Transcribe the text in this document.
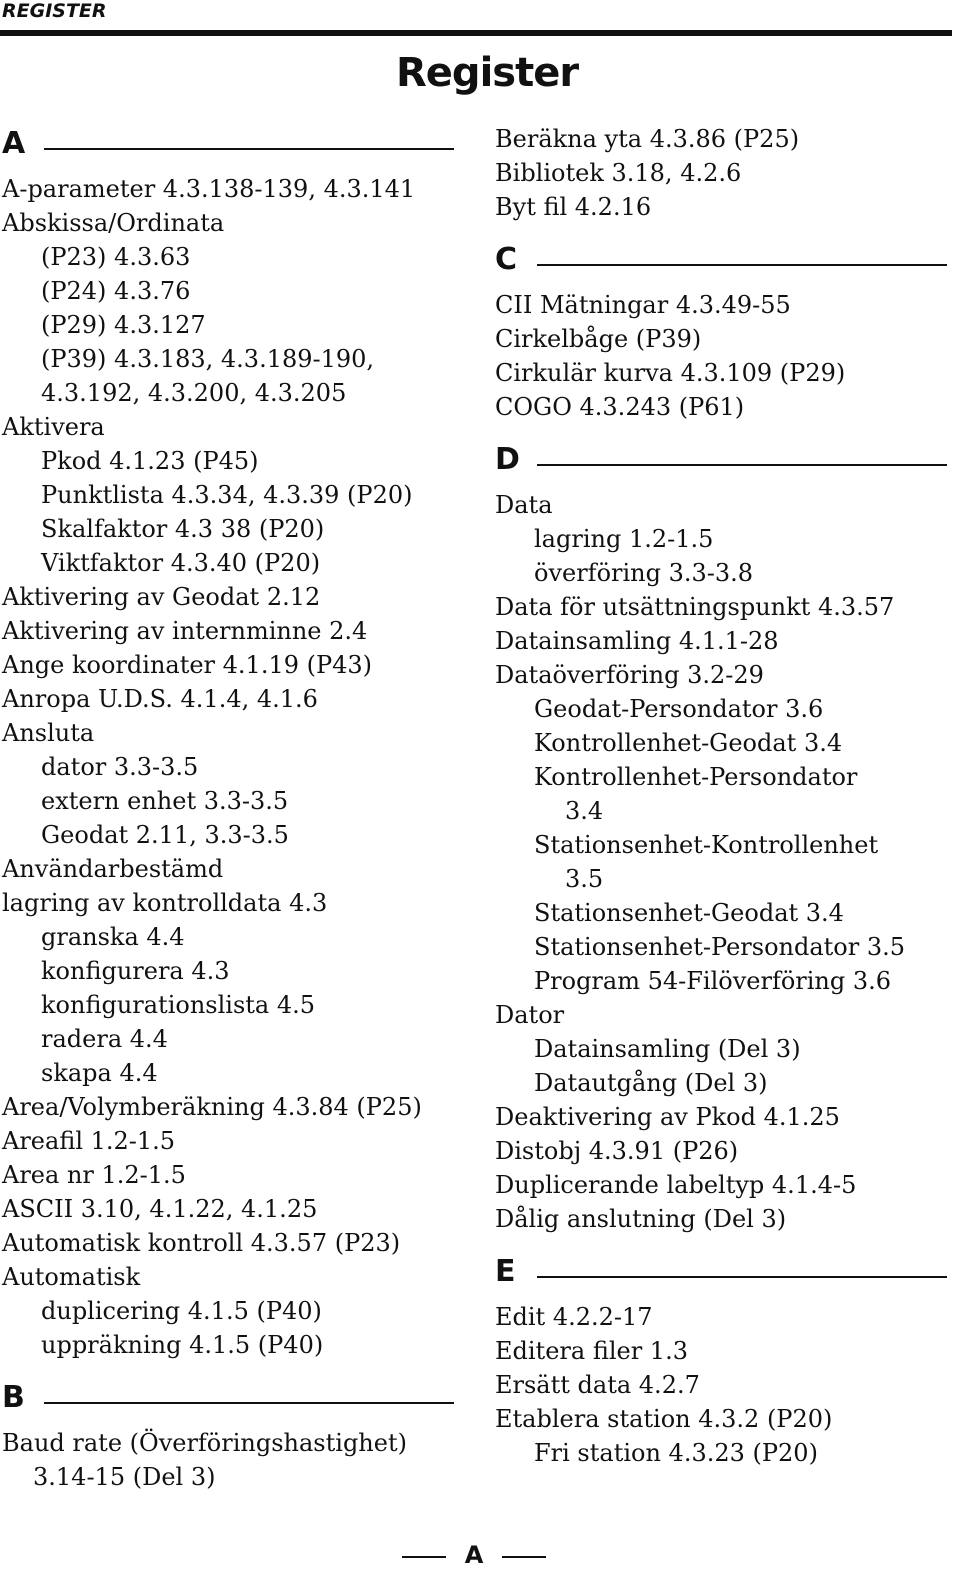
REGISTER
Register
A
A-parameter 4.3.138-139, 4.3.141
Abskissa/Ordinata
(P23) 4.3.63
(P24) 4.3.76
(P29) 4.3.127
(P39) 4.3.183, 4.3.189-190,
4.3.192, 4.3.200, 4.3.205
Aktivera
Pkod 4.1.23 (P45)
Punktlista 4.3.34, 4.3.39 (P20)
Skalfaktor 4.3 38 (P20)
Viktfaktor 4.3.40 (P20)
Aktivering av Geodat 2.12
Aktivering av internminne 2.4
Ange koordinater 4.1.19 (P43)
Anropa U.D.S. 4.1.4, 4.1.6
Ansluta
dator 3.3-3.5
extern enhet 3.3-3.5
Geodat 2.11, 3.3-3.5
Användarbestämd
lagring av kontrolldata 4.3
granska 4.4
konfigurera 4.3
konfigurationslista 4.5
radera 4.4
skapa 4.4
Area/Volymberäkning 4.3.84 (P25)
Areafil 1.2-1.5
Area nr 1.2-1.5
ASCII 3.10, 4.1.22, 4.1.25
Automatisk kontroll 4.3.57 (P23)
Automatisk
duplicering 4.1.5 (P40)
uppräkning 4.1.5 (P40)
B
Baud rate (Överföringshastighet)
3.14-15 (Del 3)
Beräkna yta 4.3.86 (P25)
Bibliotek 3.18, 4.2.6
Byt fil 4.2.16
C
CII Mätningar 4.3.49-55
Cirkelbåge (P39)
Cirkulär kurva 4.3.109 (P29)
COGO 4.3.243 (P61)
D
Data
lagring 1.2-1.5
överföring 3.3-3.8
Data för utsättningspunkt 4.3.57
Datainsamling 4.1.1-28
Dataöverföring 3.2-29
Geodat-Persondator 3.6
Kontrollenhet-Geodat 3.4
Kontrollenhet-Persondator
3.4
Stationsenhet-Kontrollenhet
3.5
Stationsenhet-Geodat 3.4
Stationsenhet-Persondator 3.5
Program 54-Filöverföring 3.6
Dator
Datainsamling (Del 3)
Datautgång (Del 3)
Deaktivering av Pkod 4.1.25
Distobj 4.3.91 (P26)
Duplicerande labeltyp 4.1.4-5
Dålig anslutning (Del 3)
E
Edit 4.2.2-17
Editera filer 1.3
Ersätt data 4.2.7
Etablera station 4.3.2 (P20)
Fri station 4.3.23 (P20)
A
